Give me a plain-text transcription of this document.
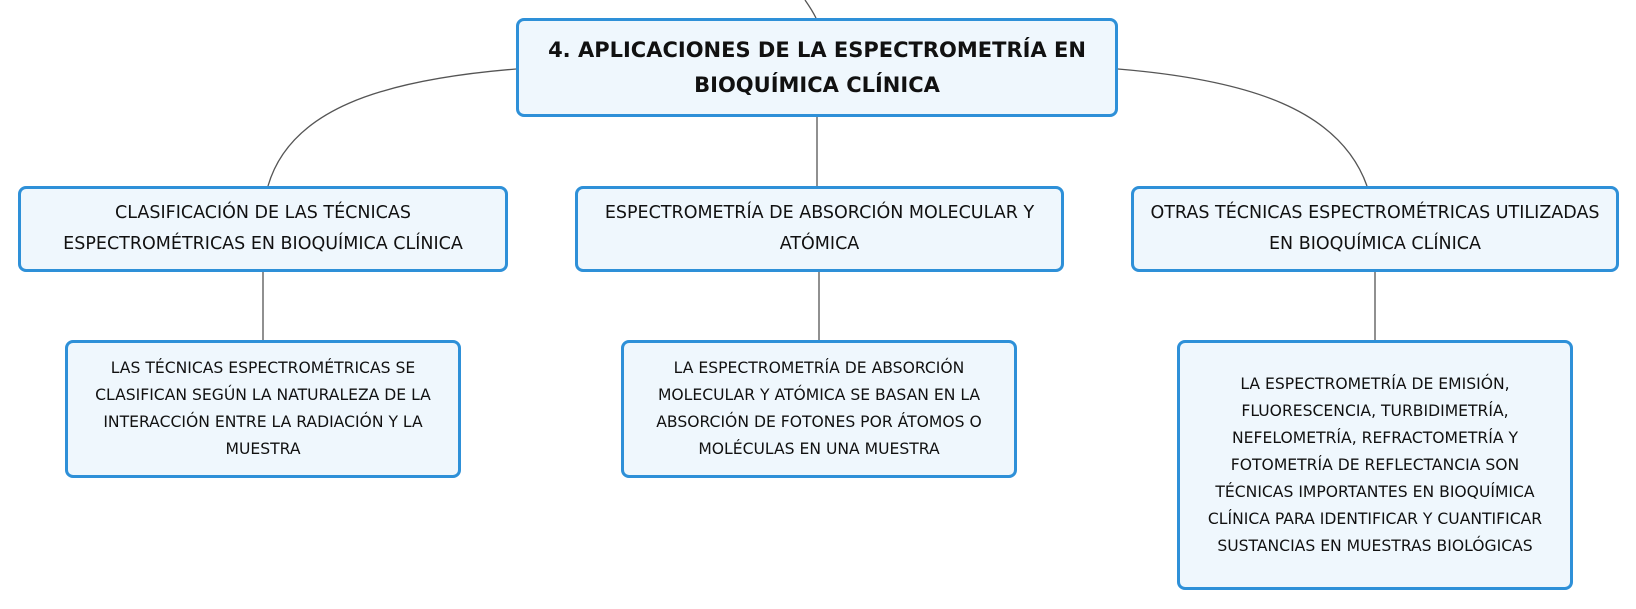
4. APLICACIONES DE LA ESPECTROMETRÍA EN
BIOQUÍMICA CLÍNICA
CLASIFICACIÓN DE LAS TÉCNICAS
ESPECTROMÉTRICAS EN BIOQUÍMICA CLÍNICA
ESPECTROMETRÍA DE ABSORCIÓN MOLECULAR Y
ATÓMICA
OTRAS TÉCNICAS ESPECTROMÉTRICAS UTILIZADAS
EN BIOQUÍMICA CLÍNICA
LAS TÉCNICAS ESPECTROMÉTRICAS SE
CLASIFICAN SEGÚN LA NATURALEZA DE LA
INTERACCIÓN ENTRE LA RADIACIÓN Y LA
MUESTRA
LA ESPECTROMETRÍA DE ABSORCIÓN
MOLECULAR Y ATÓMICA SE BASAN EN LA
ABSORCIÓN DE FOTONES POR ÁTOMOS O
MOLÉCULAS EN UNA MUESTRA
LA ESPECTROMETRÍA DE EMISIÓN,
FLUORESCENCIA, TURBIDIMETRÍA,
NEFELOMETRÍA, REFRACTOMETRÍA Y
FOTOMETRÍA DE REFLECTANCIA SON
TÉCNICAS IMPORTANTES EN BIOQUÍMICA
CLÍNICA PARA IDENTIFICAR Y CUANTIFICAR
SUSTANCIAS EN MUESTRAS BIOLÓGICAS
